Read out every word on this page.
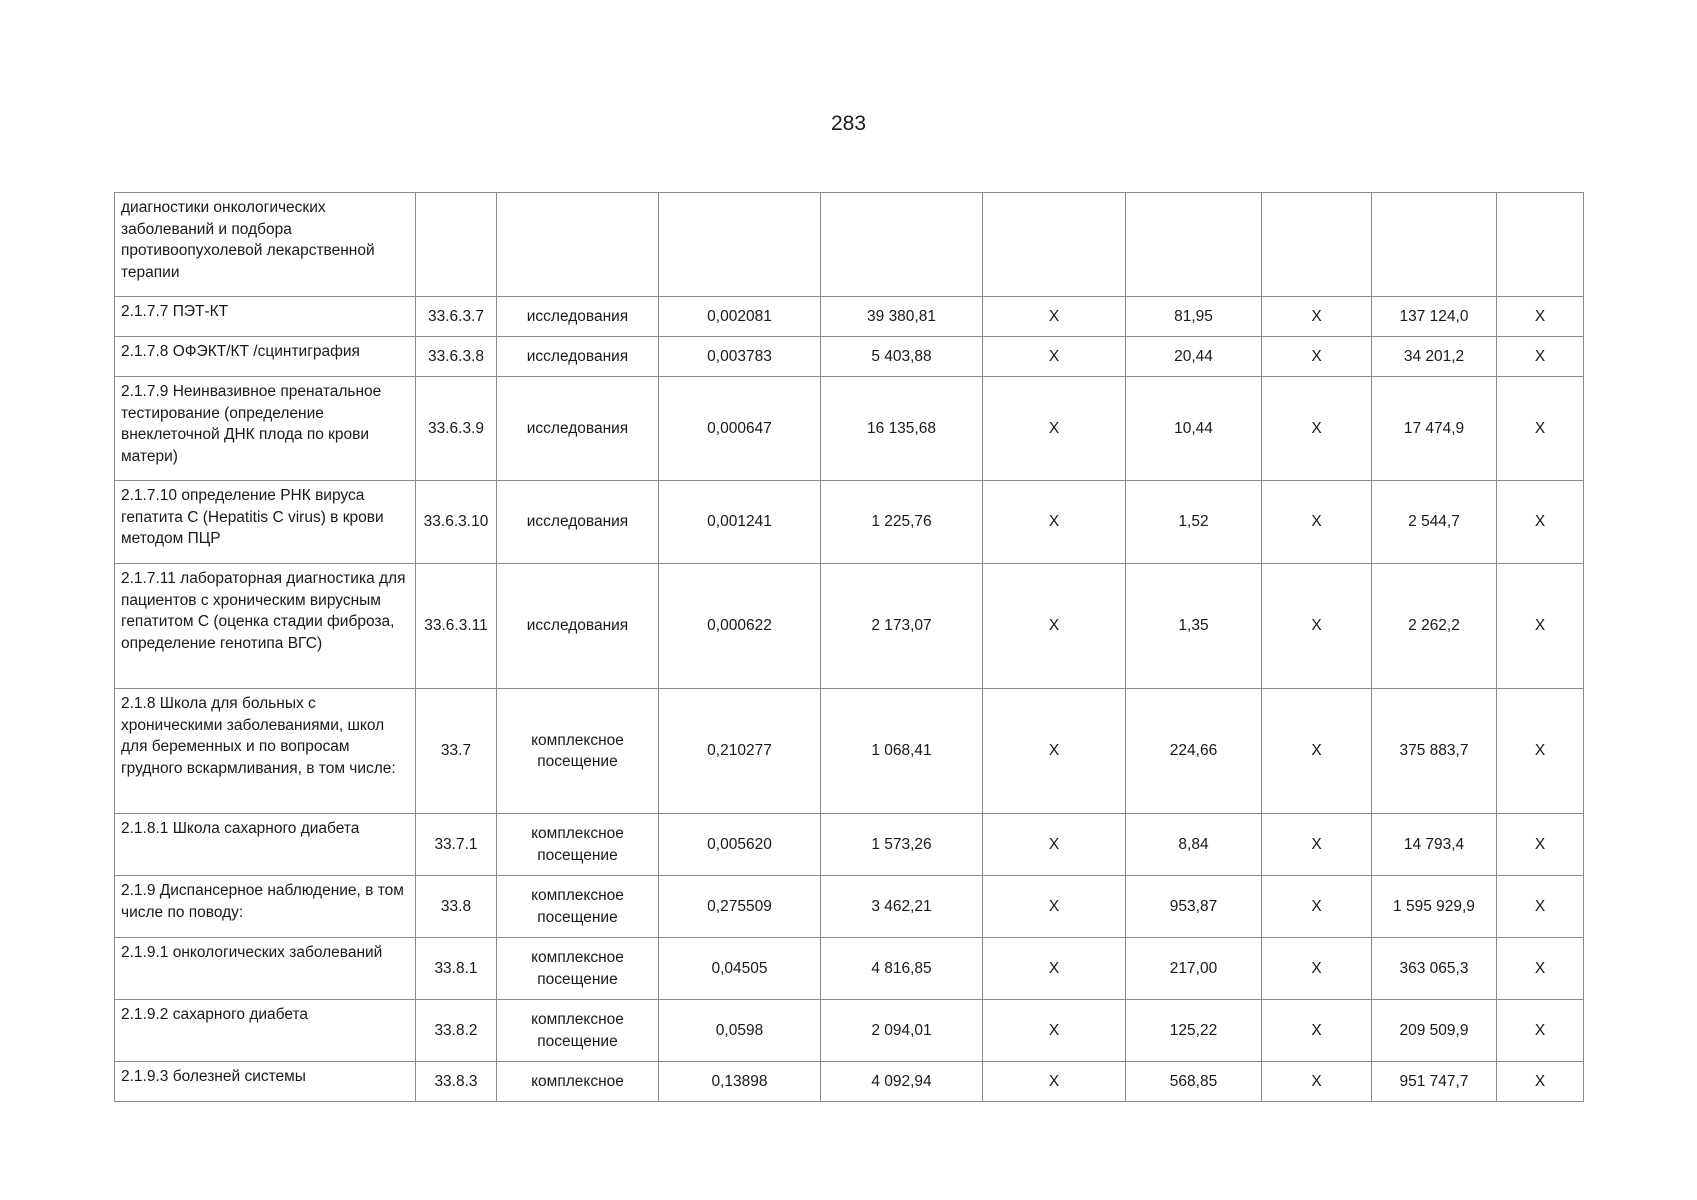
283
диагностики онкологических заболеваний и подбора противоопухолевой лекарственной терапии									
2.1.7.7 ПЭТ-КТ	33.6.3.7	исследования	0,002081	39 380,81	X	81,95	X	137 124,0	X
2.1.7.8 ОФЭКТ/КТ /сцинтиграфия	33.6.3.8	исследования	0,003783	5 403,88	X	20,44	X	34 201,2	X
2.1.7.9 Неинвазивное пренатальное тестирование (определение внеклеточной ДНК плода по крови матери)	33.6.3.9	исследования	0,000647	16 135,68	X	10,44	X	17 474,9	X
2.1.7.10 определение РНК вируса гепатита C (Hepatitis C virus) в крови методом ПЦР	33.6.3.10	исследования	0,001241	1 225,76	X	1,52	X	2 544,7	X
2.1.7.11 лабораторная диагностика для пациентов с хроническим вирусным гепатитом С (оценка стадии фиброза, определение генотипа ВГС)	33.6.3.11	исследования	0,000622	2 173,07	X	1,35	X	2 262,2	X
2.1.8 Школа для больных с хроническими заболеваниями, школ для беременных и по вопросам грудного вскармливания, в том числе:	33.7	комплексное посещение	0,210277	1 068,41	X	224,66	X	375 883,7	X
2.1.8.1 Школа сахарного диабета	33.7.1	комплексное посещение	0,005620	1 573,26	X	8,84	X	14 793,4	X
2.1.9 Диспансерное наблюдение, в том числе по поводу:	33.8	комплексное посещение	0,275509	3 462,21	X	953,87	X	1 595 929,9	X
2.1.9.1 онкологических заболеваний	33.8.1	комплексное посещение	0,04505	4 816,85	X	217,00	X	363 065,3	X
2.1.9.2 сахарного диабета	33.8.2	комплексное посещение	0,0598	2 094,01	X	125,22	X	209 509,9	X
2.1.9.3 болезней системы	33.8.3	комплексное	0,13898	4 092,94	X	568,85	X	951 747,7	X
